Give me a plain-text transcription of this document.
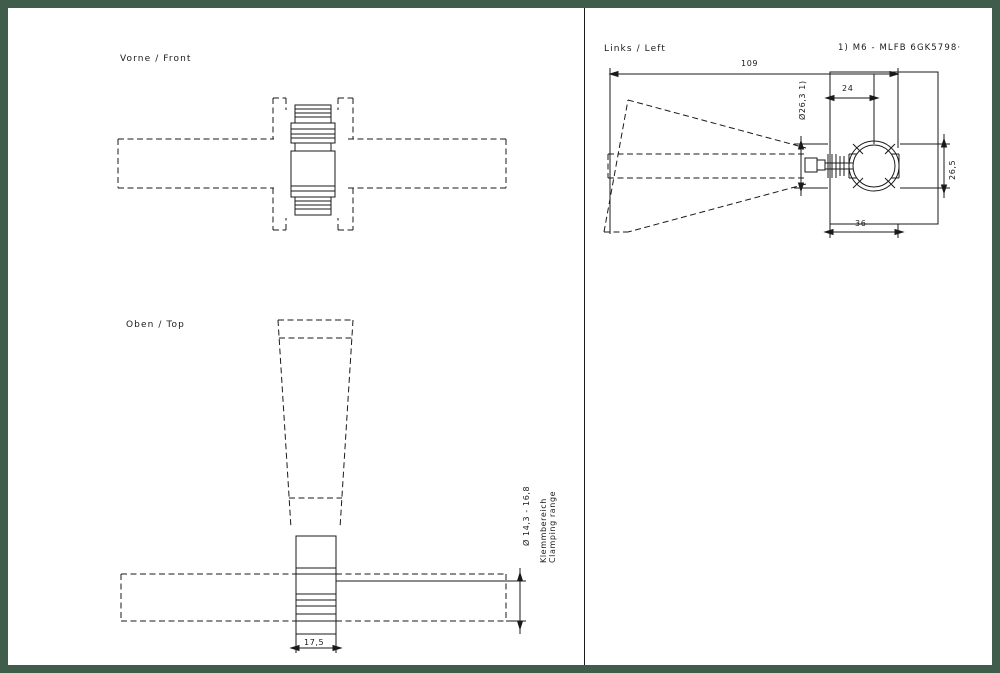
Vorne / Front
Links / Left
Oben / Top
1) M6 - MLFB 6GK5798·
109
24
Ø26,3 1)
26,5
36
17,5
Ø 14,3 - 16,8 Klemmbereich Clamping range
